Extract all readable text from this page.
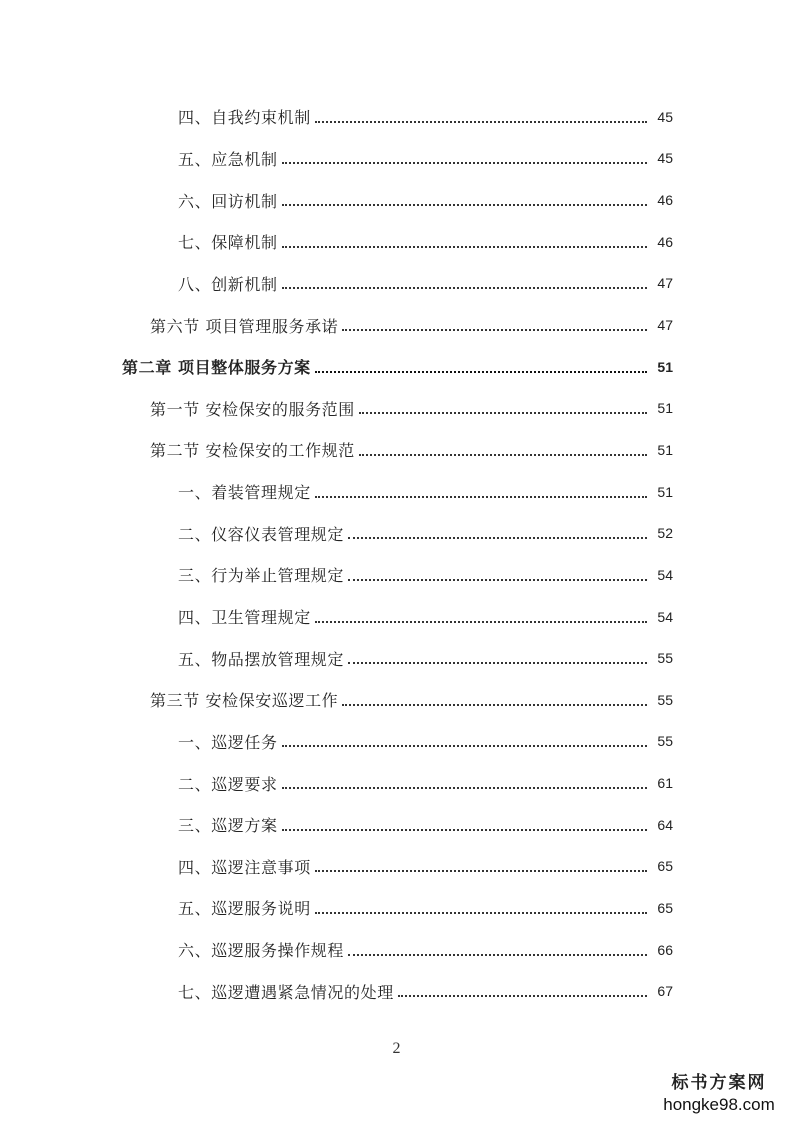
四、自我约束机制	45
五、应急机制	45
六、回访机制	46
七、保障机制	46
八、创新机制	47
第六节 项目管理服务承诺	47
第二章 项目整体服务方案	51
第一节 安检保安的服务范围	51
第二节 安检保安的工作规范	51
一、着装管理规定	51
二、仪容仪表管理规定	52
三、行为举止管理规定	54
四、卫生管理规定	54
五、物品摆放管理规定	55
第三节 安检保安巡逻工作	55
一、巡逻任务	55
二、巡逻要求	61
三、巡逻方案	64
四、巡逻注意事项	65
五、巡逻服务说明	65
六、巡逻服务操作规程	66
七、巡逻遭遇紧急情况的处理	67
2
标书方案网
hongke98.com
